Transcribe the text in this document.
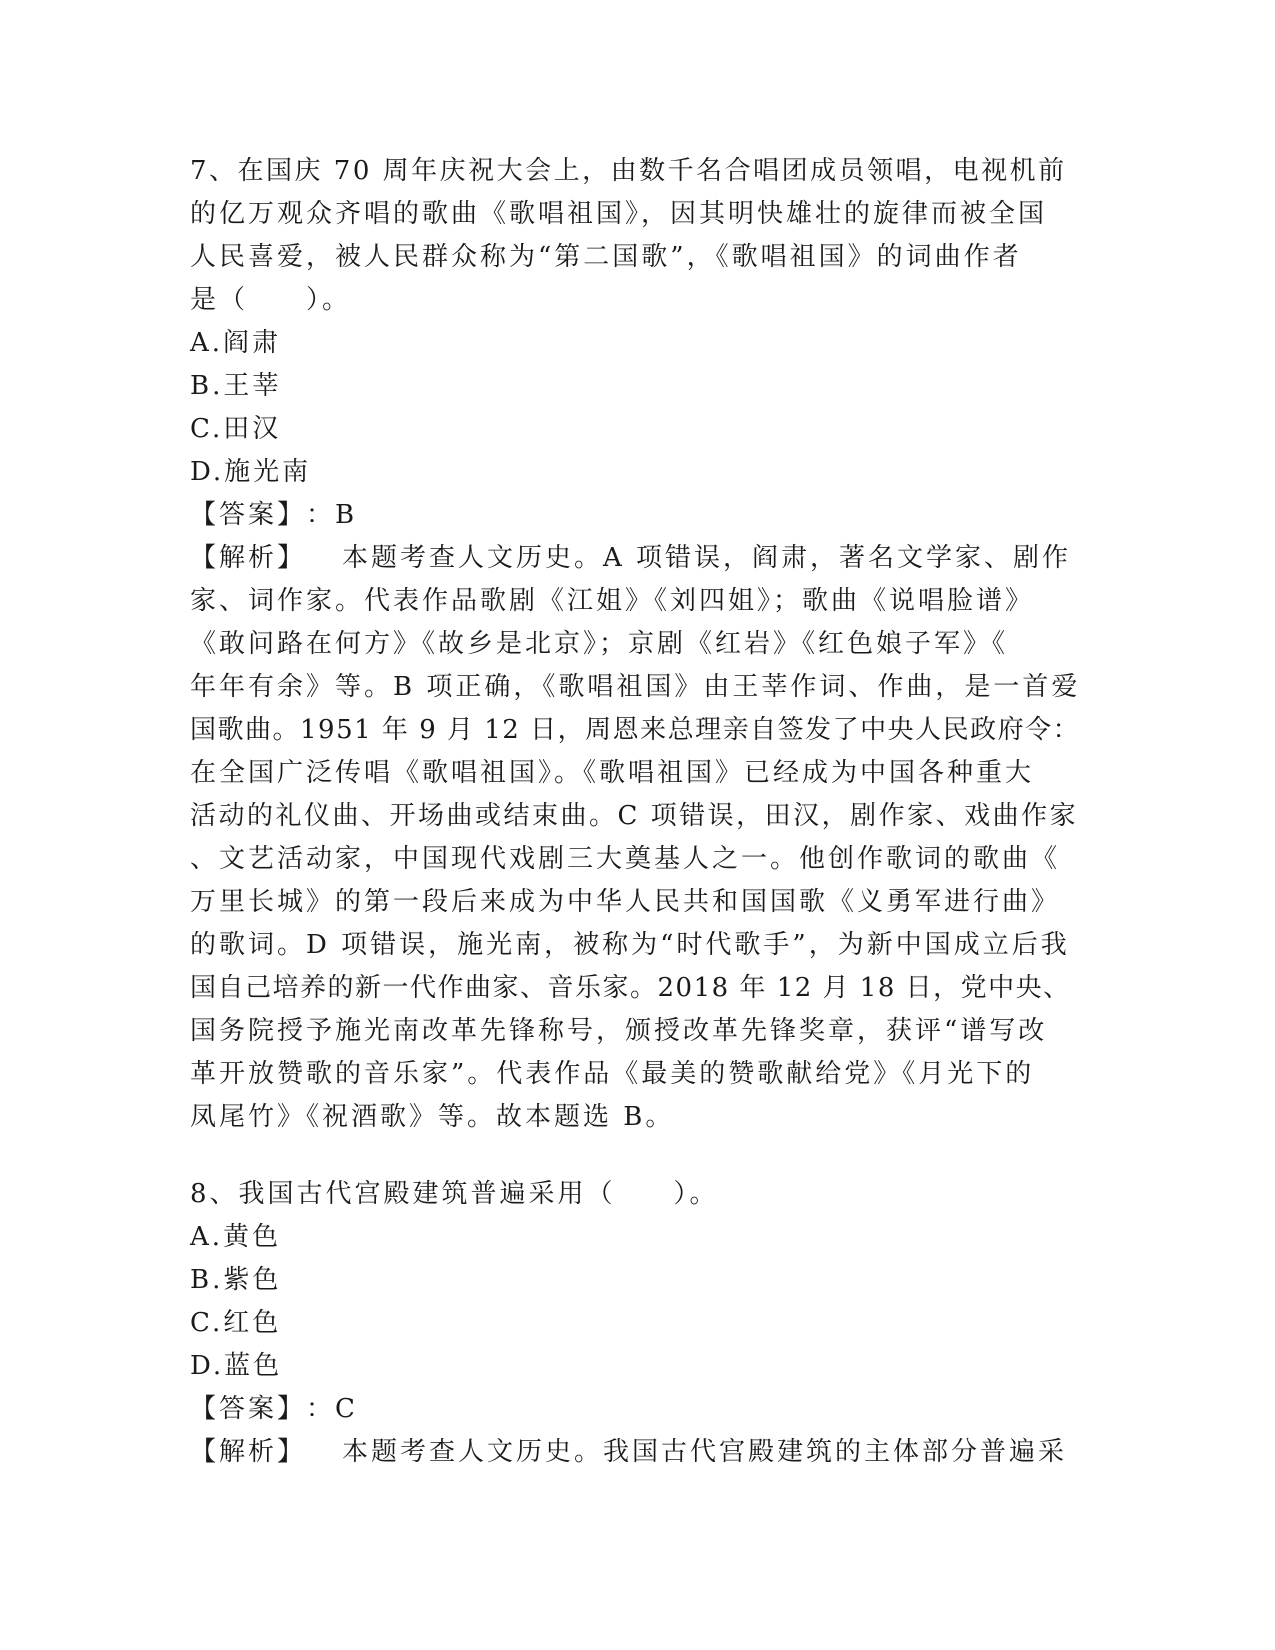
7、在国庆 70 周年庆祝大会上，由数千名合唱团成员领唱，电视机前
的亿万观众齐唱的歌曲《歌唱祖国》，因其明快雄壮的旋律而被全国
人民喜爱，被人民群众称为“第二国歌”，《歌唱祖国》的词曲作者
是（　　）。
A.阎肃
B.王莘
C.田汉
D.施光南
【答案】：B
【解析】 本题考查人文历史。A 项错误，阎肃，著名文学家、剧作
家、词作家。代表作品歌剧《江姐》《刘四姐》；歌曲《说唱脸谱》
《敢问路在何方》《故乡是北京》；京剧《红岩》《红色娘子军》《
年年有余》等。B 项正确，《歌唱祖国》由王莘作词、作曲，是一首爱
国歌曲。1951 年 9 月 12 日，周恩来总理亲自签发了中央人民政府令：
在全国广泛传唱《歌唱祖国》。《歌唱祖国》已经成为中国各种重大
活动的礼仪曲、开场曲或结束曲。C 项错误，田汉，剧作家、戏曲作家
、文艺活动家，中国现代戏剧三大奠基人之一。他创作歌词的歌曲《
万里长城》的第一段后来成为中华人民共和国国歌《义勇军进行曲》
的歌词。D 项错误，施光南，被称为“时代歌手”，为新中国成立后我
国自己培养的新一代作曲家、音乐家。2018 年 12 月 18 日，党中央、
国务院授予施光南改革先锋称号，颁授改革先锋奖章，获评“谱写改
革开放赞歌的音乐家”。代表作品《最美的赞歌献给党》《月光下的
凤尾竹》《祝酒歌》等。故本题选 B。
8、我国古代宫殿建筑普遍采用（　　）。
A.黄色
B.紫色
C.红色
D.蓝色
【答案】：C
【解析】 本题考查人文历史。我国古代宫殿建筑的主体部分普遍采
